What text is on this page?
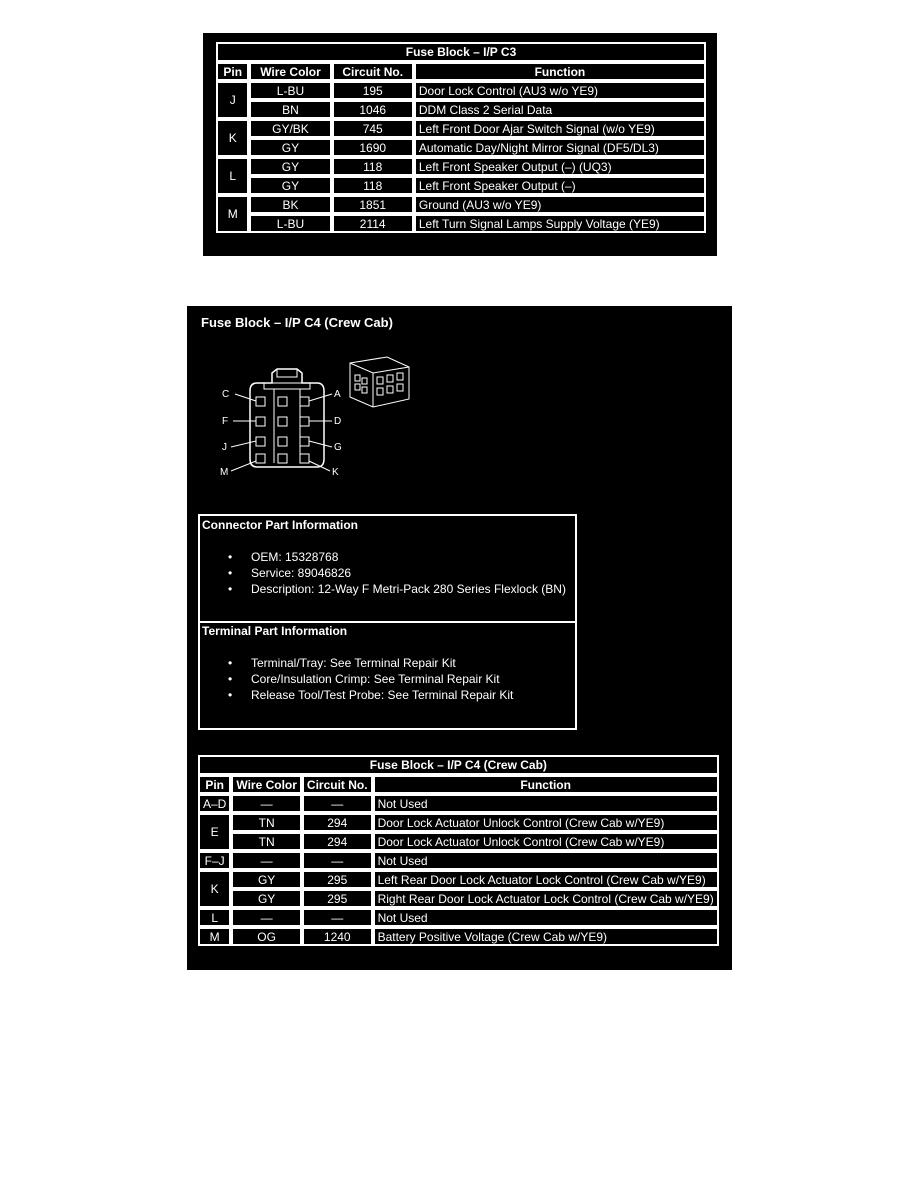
Fuse Block – I/P C3			
Pin	Wire Color	Circuit No.	Function
J	L-BU	195	Door Lock Control (AU3 w/o YE9)
	BN	1046	DDM Class 2 Serial Data
K	GY/BK	745	Left Front Door Ajar Switch Signal (w/o YE9)
	GY	1690	Automatic Day/Night Mirror Signal (DF5/DL3)
L	GY	118	Left Front Speaker Output (–) (UQ3)
	GY	118	Left Front Speaker Output (–)
M	BK	1851	Ground (AU3 w/o YE9)
	L-BU	2114	Left Turn Signal Lamps Supply Voltage (YE9)
Fuse Block – I/P C4 (Crew Cab)
C	A
F	D
J	G
M	K
Connector Part Information
• OEM: 15328768
• Service: 89046826
• Description: 12-Way F Metri-Pack 280 Series Flexlock (BN)
Terminal Part Information
• Terminal/Tray: See Terminal Repair Kit
• Core/Insulation Crimp: See Terminal Repair Kit
• Release Tool/Test Probe: See Terminal Repair Kit
Fuse Block – I/P C4 (Crew Cab)			
Pin	Wire Color	Circuit No.	Function
A–D	—	—	Not Used
E	TN	294	Door Lock Actuator Unlock Control (Crew Cab w/YE9)
	TN	294	Door Lock Actuator Unlock Control (Crew Cab w/YE9)
F–J	—	—	Not Used
K	GY	295	Left Rear Door Lock Actuator Lock Control (Crew Cab w/YE9)
	GY	295	Right Rear Door Lock Actuator Lock Control (Crew Cab w/YE9)
L	—	—	Not Used
M	OG	1240	Battery Positive Voltage (Crew Cab w/YE9)
